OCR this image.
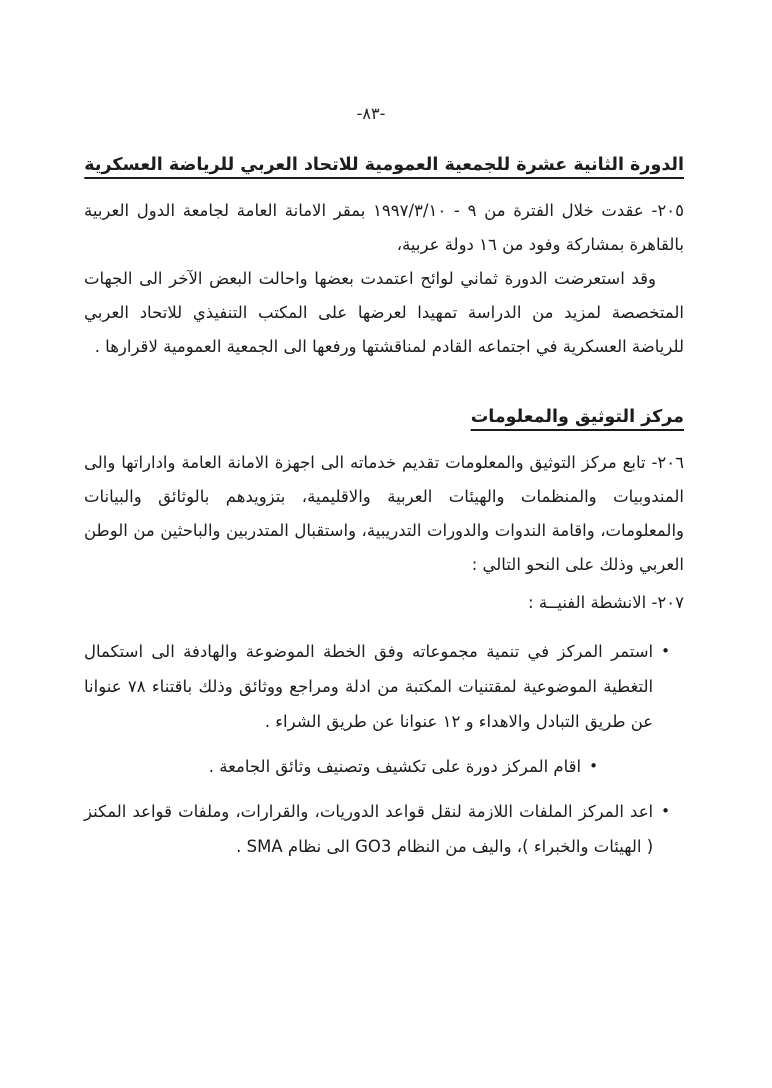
-٨٣-
الدورة الثانية عشرة للجمعية العمومية للاتحاد العربي للرياضة العسكرية

٢٠٥- عقدت خلال الفترة من ٩ - ١٩٩٧/٣/١٠ بمقر الامانة العامة لجامعة الدول العربية بالقاهرة بمشاركة وفود من ١٦ دولة عربية،

وقد استعرضت الدورة ثماني لوائح اعتمدت بعضها واحالت البعض الآخر الى الجهات المتخصصة لمزيد من الدراسة تمهيدا لعرضها على المكتب التنفيذي للاتحاد العربي للرياضة العسكرية في اجتماعه القادم لمناقشتها ورفعها الى الجمعية العمومية لاقرارها .

مركز التوثيق والمعلومات

٢٠٦- تابع مركز التوثيق والمعلومات تقديم خدماته الى اجهزة الامانة العامة واداراتها والى المندوبيات والمنظمات والهيئات العربية والاقليمية، بتزويدهم بالوثائق والبيانات والمعلومات، واقامة الندوات والدورات التدريبية، واستقبال المتدربين والباحثين من الوطن العربي وذلك على النحو التالي :

٢٠٧- الانشطة الفنيــة :

•
استمر المركز في تنمية مجموعاته وفق الخطة الموضوعة والهادفة الى استكمال التغطية الموضوعية لمقتنيات المكتبة من ادلة ومراجع ووثائق وذلك باقتناء ٧٨ عنوانا عن طريق التبادل والاهداء و ١٢ عنوانا عن طريق الشراء .
•
اقام المركز دورة على تكشيف وتصنيف وثائق الجامعة .
•
اعد المركز الملفات اللازمة لنقل قواعد الدوريات، والقرارات، وملفات قواعد المكنز ( الهيئات والخبراء )، واليف من النظام GO3 الى نظام SMA .
